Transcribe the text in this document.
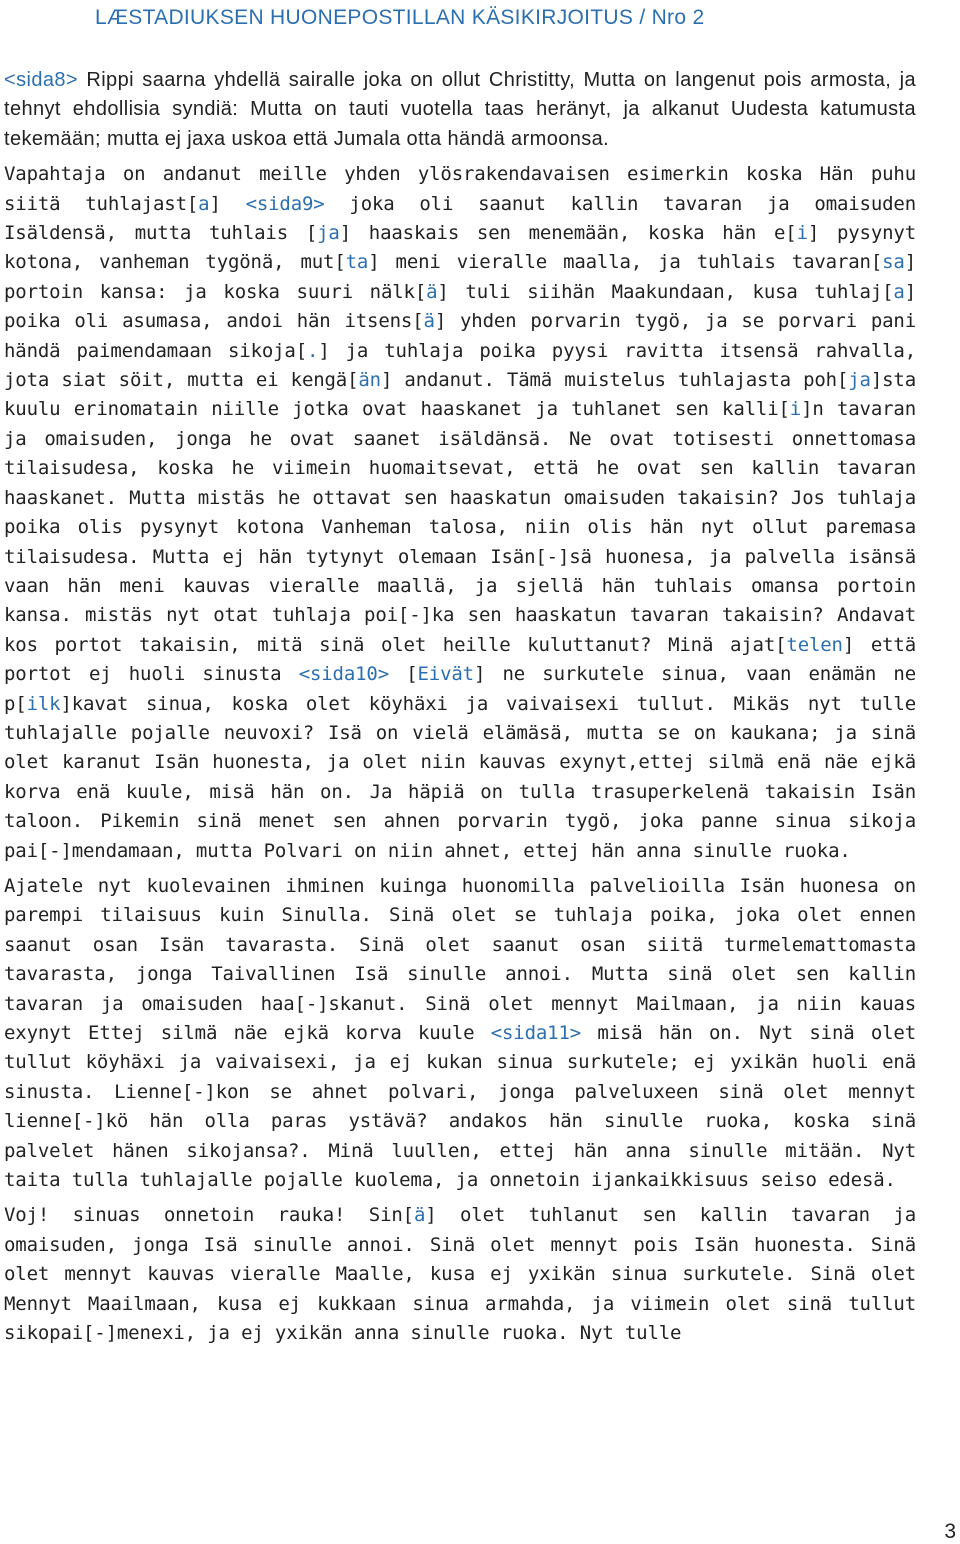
LÆSTADIUKSEN HUONEPOSTILLAN KÄSIKIRJOITUS / Nro 2

<sida8> Rippi saarna yhdellä sairalle joka on ollut Christitty, Mutta on langenut pois armosta, ja tehnyt ehdollisia syndiä: Mutta on tauti vuotella taas heränyt, ja alkanut Uudesta katumusta tekemään; mutta ej jaxa uskoa että Jumala otta händä armoonsa.

Vapahtaja on andanut meille yhden ylösrakendavaisen esimerkin koska Hän puhu siitä tuhlajast[a] <sida9> joka oli saanut kallin tavaran ja omaisuden Isäldensä, mutta tuhlais [ja] haaskais sen menemään, koska hän e[i] pysynyt kotona, vanheman tygönä, mut[ta] meni vieralle maalla, ja tuhlais tavaran[sa] portoin kansa: ja koska suuri nälk[ä] tuli siihän Maakundaan, kusa tuhlaj[a] poika oli asumasa, andoi hän itsens[ä] yhden porvarin tygö, ja se porvari pani händä paimendamaan sikoja[.] ja tuhlaja poika pyysi ravitta itsensä rahvalla, jota siat söit, mutta ei kengä[än] andanut. Tämä muistelus tuhlajasta poh[ja]sta kuulu erinomatain niille jotka ovat haaskanet ja tuhlanet sen kalli[i]n tavaran ja omaisuden, jonga he ovat saanet isäldänsä. Ne ovat totisesti onnettomasa tilaisudesa, koska he viimein huomaitsevat, että he ovat sen kallin tavaran haaskanet. Mutta mistäs he ottavat sen haaskatun omaisuden takaisin? Jos tuhlaja poika olis pysynyt kotona Vanheman talosa, niin olis hän nyt ollut paremasa tilaisudesa. Mutta ej hän tytynyt olemaan Isän[-]sä huonesa, ja palvella isänsä vaan hän meni kauvas vieralle maallä, ja sjellä hän tuhlais omansa portoin kansa. mistäs nyt otat tuhlaja poi[-]ka sen haaskatun tavaran takaisin? Andavat kos portot takaisin, mitä sinä olet heille kuluttanut? Minä ajat[telen] että portot ej huoli sinusta <sida10> [Eivät] ne surkutele sinua, vaan enämän ne p[ilk]kavat sinua, koska olet köyhäxi ja vaivaisexi tullut. Mikäs nyt tulle tuhlajalle pojalle neuvoxi? Isä on vielä elämäsä, mutta se on kaukana; ja sinä olet karanut Isän huonesta, ja olet niin kauvas exynyt,ettej silmä enä näe ejkä korva enä kuule, misä hän on. Ja häpiä on tulla trasuperkelenä takaisin Isän taloon. Pikemin sinä menet sen ahnen porvarin tygö, joka panne sinua sikoja pai[-]mendamaan, mutta Polvari on niin ahnet, ettej hän anna sinulle ruoka.

Ajatele nyt kuolevainen ihminen kuinga huonomilla palvelioilla Isän huonesa on parempi tilaisuus kuin Sinulla. Sinä olet se tuhlaja poika, joka olet ennen saanut osan Isän tavarasta. Sinä olet saanut osan siitä turmelemattomasta tavarasta, jonga Taivallinen Isä sinulle annoi. Mutta sinä olet sen kallin tavaran ja omaisuden haa[-]skanut. Sinä olet mennyt Mailmaan, ja niin kauas exynyt Ettej silmä näe ejkä korva kuule <sida11> misä hän on. Nyt sinä olet tullut köyhäxi ja vaivaisexi, ja ej kukan sinua surkutele; ej yxikän huoli enä sinusta. Lienne[-]kon se ahnet polvari, jonga palveluxeen sinä olet mennyt lienne[-]kö hän olla paras ystävä? andakos hän sinulle ruoka, koska sinä palvelet hänen sikojansa?. Minä luullen, ettej hän anna sinulle mitään. Nyt taita tulla tuhlajalle pojalle kuolema, ja onnetoin ijankaikkisuus seiso edesä.

Voj! sinuas onnetoin rauka! Sin[ä] olet tuhlanut sen kallin tavaran ja omaisuden, jonga Isä sinulle annoi. Sinä olet mennyt pois Isän huonesta. Sinä olet mennyt kauvas vieralle Maalle, kusa ej yxikän sinua surkutele. Sinä olet Mennyt Maailmaan, kusa ej kukkaan sinua armahda, ja viimein olet sinä tullut sikopai[-]menexi, ja ej yxikän anna sinulle ruoka. Nyt tulle

3
